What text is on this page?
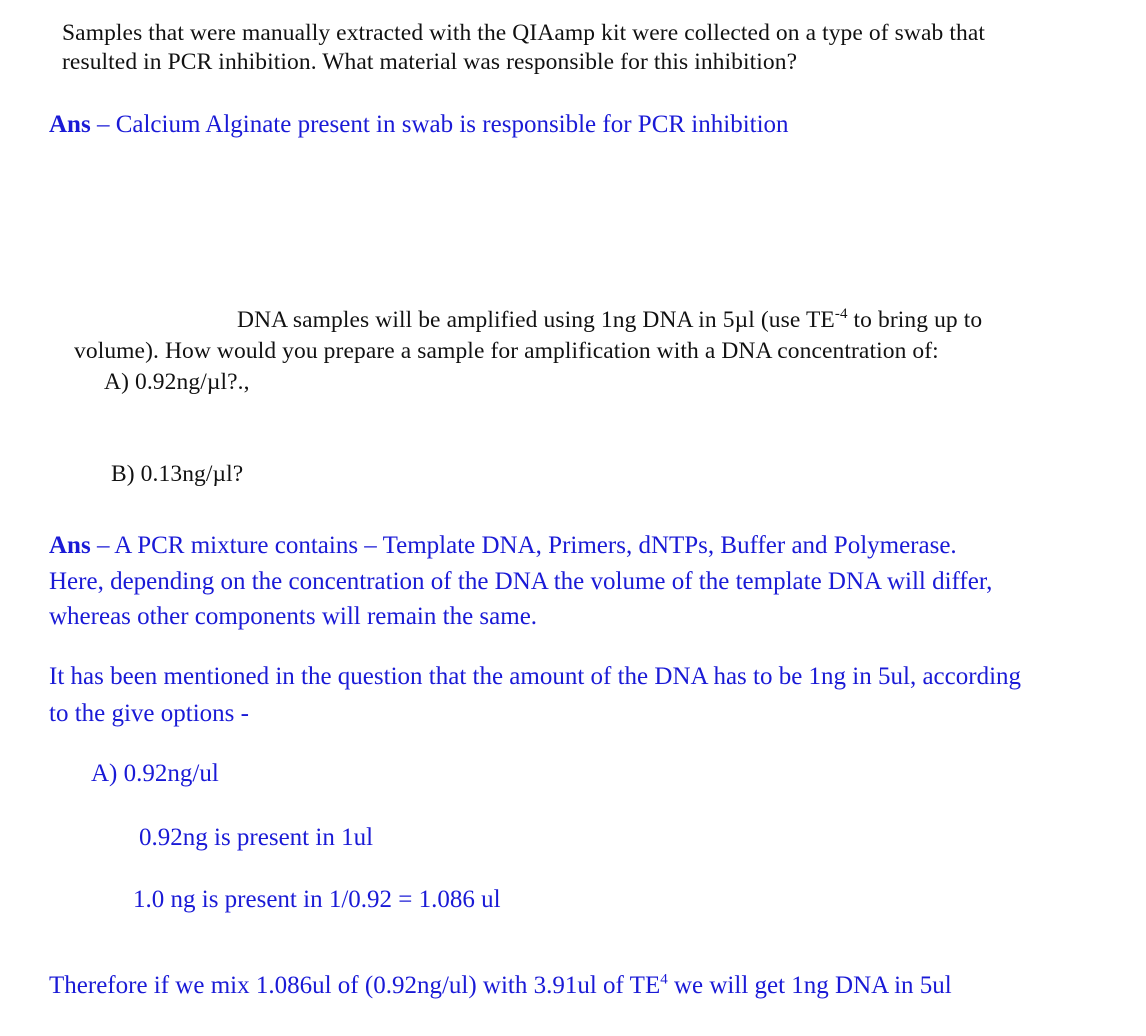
Samples that were manually extracted with the QIAamp kit were collected on a type of swab that

resulted in PCR inhibition. What material was responsible for this inhibition?

Ans – Calcium Alginate present in swab is responsible for PCR inhibition

DNA samples will be amplified using 1ng DNA in 5µl (use $TE^{-4}$ to bring up to

volume). How would you prepare a sample for amplification with a DNA concentration of:

A) 0.92ng/µl?.,

B) 0.13ng/µl?

Ans – A PCR mixture contains – Template DNA, Primers, dNTPs, Buffer and Polymerase.

Here, depending on the concentration of the DNA the volume of the template DNA will differ,

whereas other components will remain the same.

It has been mentioned in the question that the amount of the DNA has to be 1ng in 5ul, according

to the give options -

A) 0.92ng/ul

0.92ng is present in 1ul

1.0 ng is present in 1/0.92 = 1.086 ul

Therefore if we mix 1.086ul of (0.92ng/ul) with 3.91ul of $TE^4$ we will get 1ng DNA in 5ul
